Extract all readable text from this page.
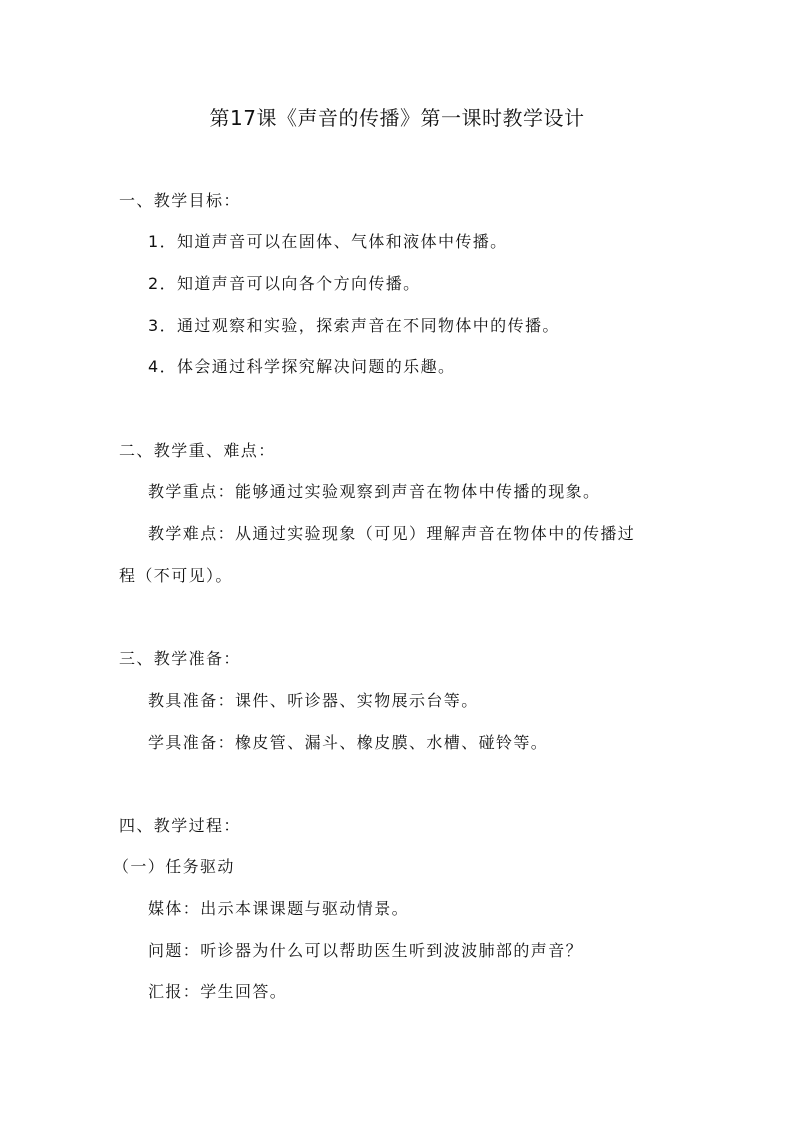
第17课《声音的传播》第一课时教学设计
一、教学目标：
1．知道声音可以在固体、气体和液体中传播。
2．知道声音可以向各个方向传播。
3．通过观察和实验，探索声音在不同物体中的传播。
4．体会通过科学探究解决问题的乐趣。
二、教学重、难点：
教学重点：能够通过实验观察到声音在物体中传播的现象。
教学难点：从通过实验现象（可见）理解声音在物体中的传播过
程（不可见）。
三、教学准备：
教具准备：课件、听诊器、实物展示台等。
学具准备：橡皮管、漏斗、橡皮膜、水槽、碰铃等。
四、教学过程：
（一）任务驱动
媒体：出示本课课题与驱动情景。
问题：听诊器为什么可以帮助医生听到波波肺部的声音？
汇报：学生回答。
